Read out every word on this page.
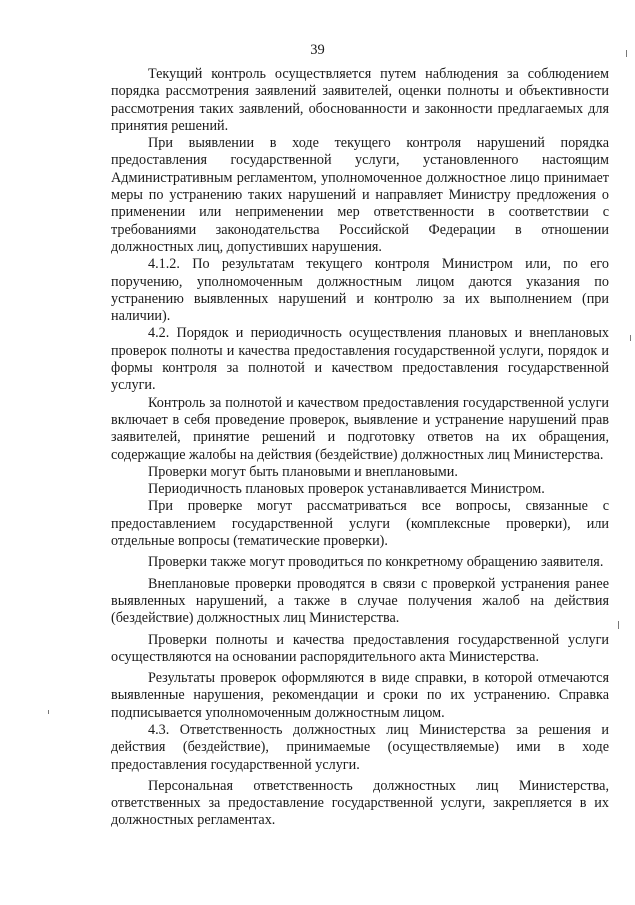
39

Текущий контроль осуществляется путем наблюдения за соблюдением порядка рассмотрения заявлений заявителей, оценки полноты и объективности рассмотрения таких заявлений, обоснованности и законности предлагаемых для принятия решений.

При выявлении в ходе текущего контроля нарушений порядка предоставления государственной услуги, установленного настоящим Административным регламентом, уполномоченное должностное лицо принимает меры по устранению таких нарушений и направляет Министру предложения о применении или неприменении мер ответственности в соответствии с требованиями законодательства Российской Федерации в отношении должностных лиц, допустивших нарушения.

4.1.2. По результатам текущего контроля Министром или, по его поручению, уполномоченным должностным лицом даются указания по устранению выявленных нарушений и контролю за их выполнением (при наличии).

4.2. Порядок и периодичность осуществления плановых и внеплановых проверок полноты и качества предоставления государственной услуги, порядок и формы контроля за полнотой и качеством предоставления государственной услуги.

Контроль за полнотой и качеством предоставления государственной услуги включает в себя проведение проверок, выявление и устранение нарушений прав заявителей, принятие решений и подготовку ответов на их обращения, содержащие жалобы на действия (бездействие) должностных лиц Министерства.

Проверки могут быть плановыми и внеплановыми.

Периодичность плановых проверок устанавливается Министром.

При проверке могут рассматриваться все вопросы, связанные с предоставлением государственной услуги (комплексные проверки), или отдельные вопросы (тематические проверки).

Проверки также могут проводиться по конкретному обращению заявителя.

Внеплановые проверки проводятся в связи с проверкой устранения ранее выявленных нарушений, а также в случае получения жалоб на действия (бездействие) должностных лиц Министерства.

Проверки полноты и качества предоставления государственной услуги осуществляются на основании распорядительного акта Министерства.

Результаты проверок оформляются в виде справки, в которой отмечаются выявленные нарушения, рекомендации и сроки по их устранению. Справка подписывается уполномоченным должностным лицом.

4.3. Ответственность должностных лиц Министерства за решения и действия (бездействие), принимаемые (осуществляемые) ими в ходе предоставления государственной услуги.

Персональная ответственность должностных лиц Министерства, ответственных за предоставление государственной услуги, закрепляется в их должностных регламентах.
